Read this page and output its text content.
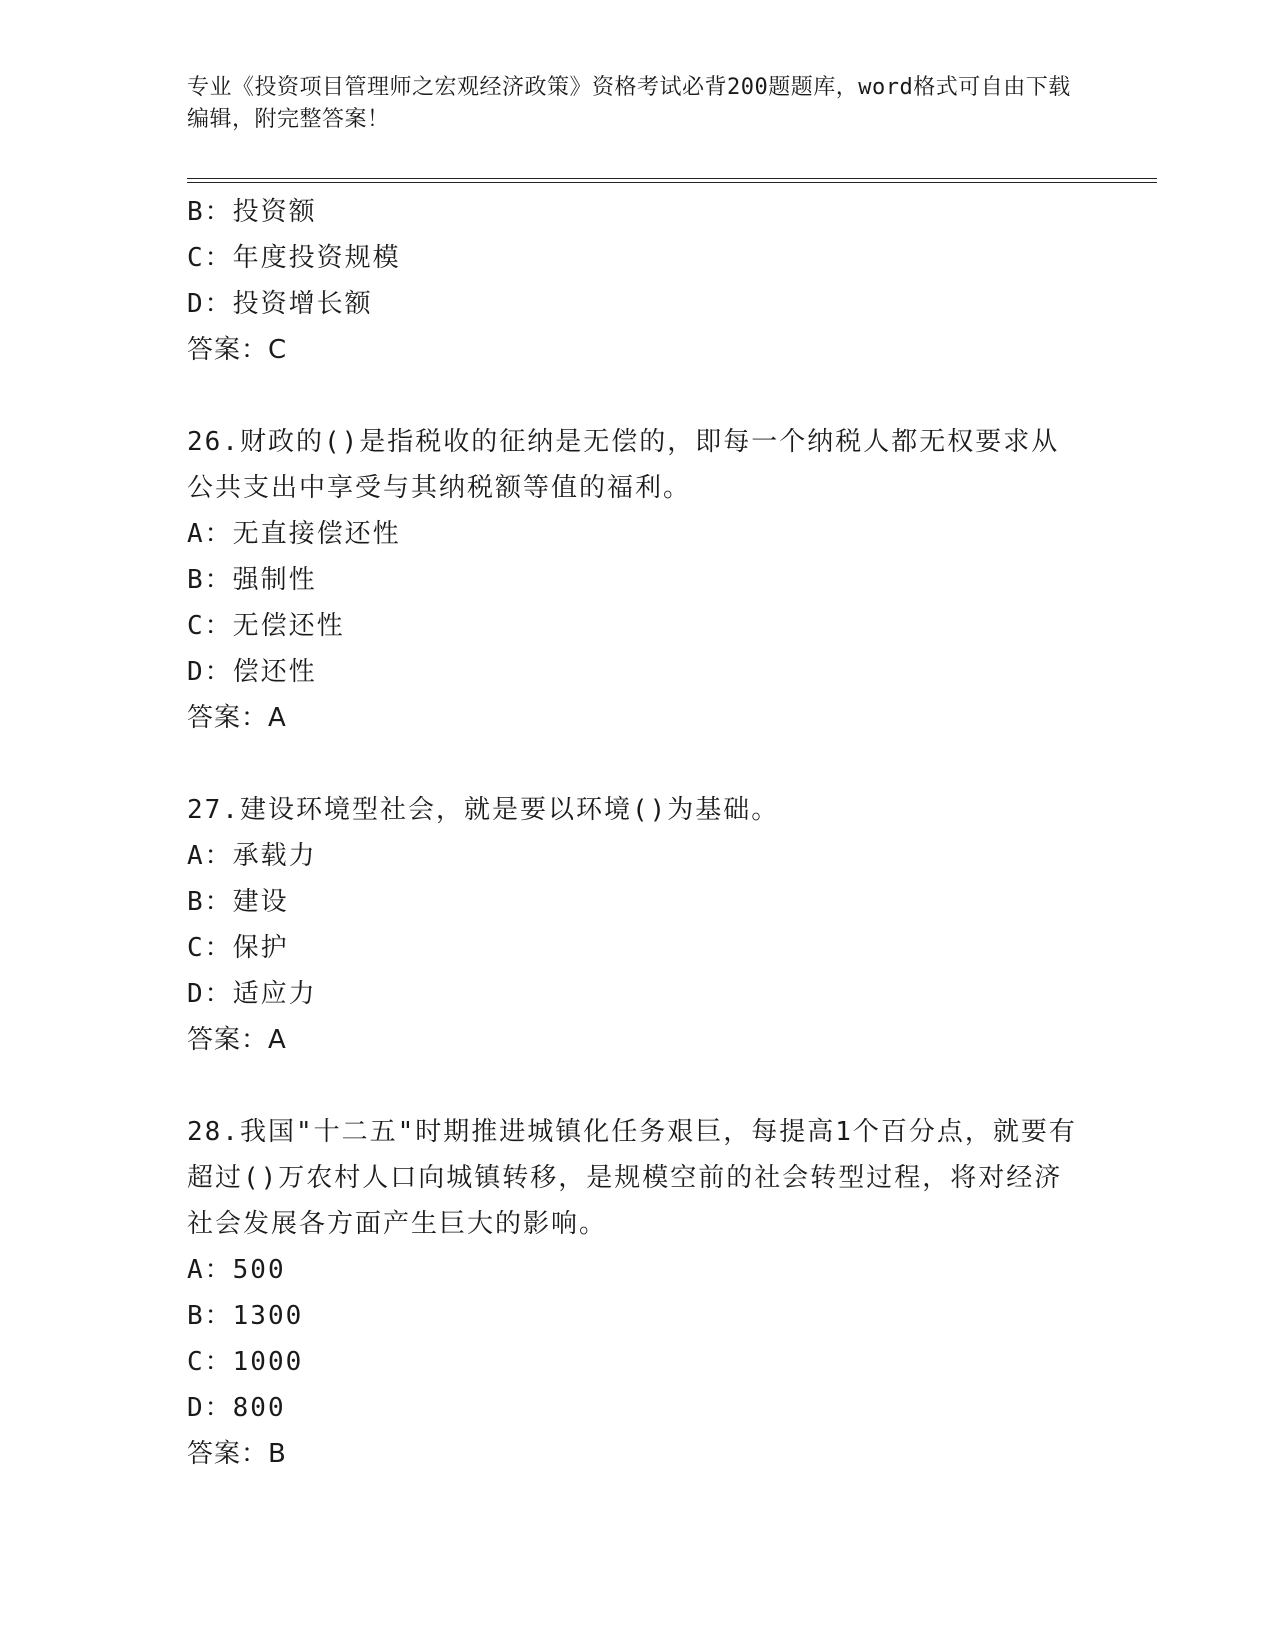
专业《投资项目管理师之宏观经济政策》资格考试必背200题题库，word格式可自由下载编辑，附完整答案！
B：投资额
C：年度投资规模
D：投资增长额
答案：C
26.财政的()是指税收的征纳是无偿的，即每一个纳税人都无权要求从公共支出中享受与其纳税额等值的福利。
A：无直接偿还性
B：强制性
C：无偿还性
D：偿还性
答案：A
27.建设环境型社会，就是要以环境()为基础。
A：承载力
B：建设
C：保护
D：适应力
答案：A
28.我国"十二五"时期推进城镇化任务艰巨，每提高1个百分点，就要有超过()万农村人口向城镇转移，是规模空前的社会转型过程，将对经济社会发展各方面产生巨大的影响。
A：500
B：1300
C：1000
D：800
答案：B
